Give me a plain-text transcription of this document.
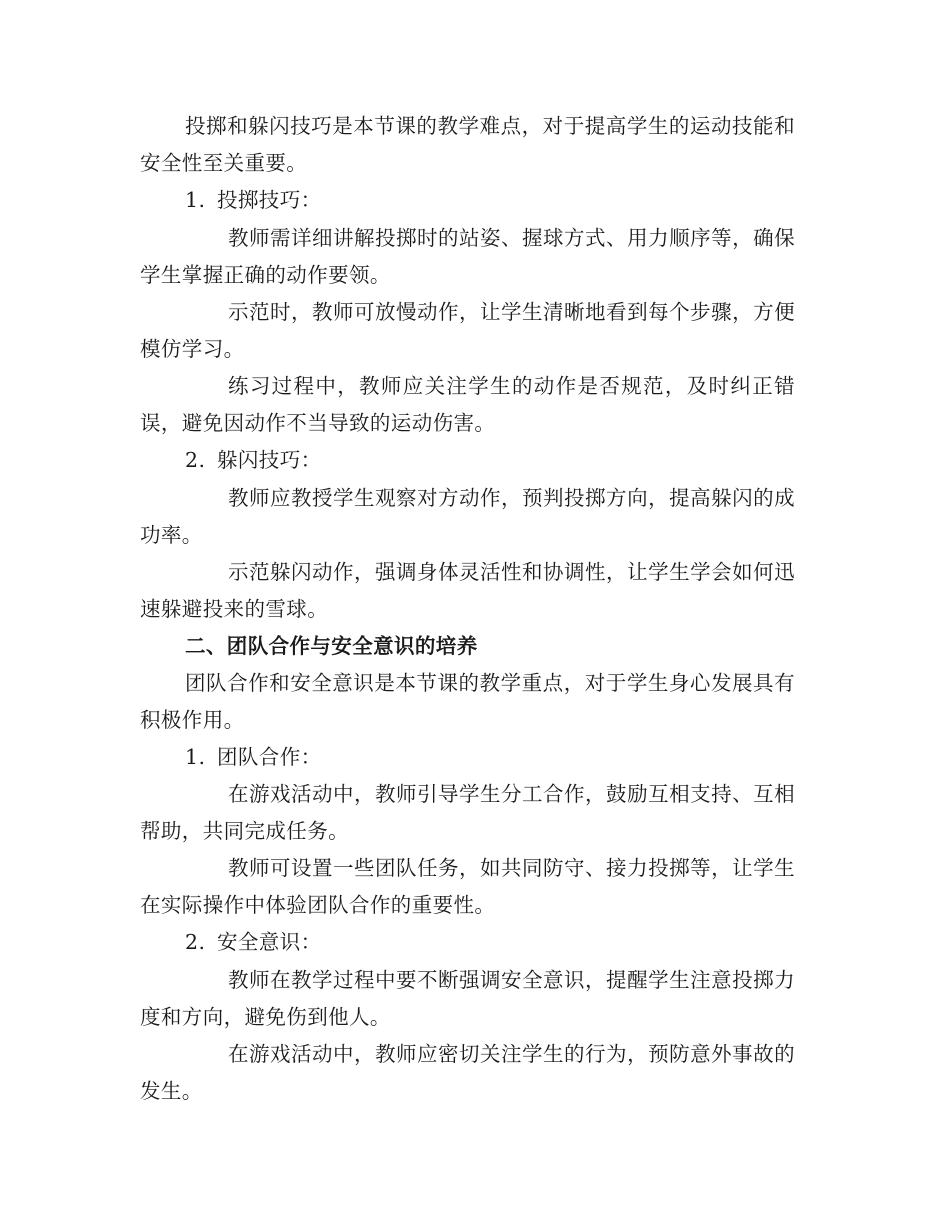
投掷和躲闪技巧是本节课的教学难点，对于提高学生的运动技能和安全性至关重要。

1. 投掷技巧：

教师需详细讲解投掷时的站姿、握球方式、用力顺序等，确保学生掌握正确的动作要领。

示范时，教师可放慢动作，让学生清晰地看到每个步骤，方便模仿学习。

练习过程中，教师应关注学生的动作是否规范，及时纠正错误，避免因动作不当导致的运动伤害。

2. 躲闪技巧：

教师应教授学生观察对方动作，预判投掷方向，提高躲闪的成功率。

示范躲闪动作，强调身体灵活性和协调性，让学生学会如何迅速躲避投来的雪球。

二、团队合作与安全意识的培养

团队合作和安全意识是本节课的教学重点，对于学生身心发展具有积极作用。

1. 团队合作：

在游戏活动中，教师引导学生分工合作，鼓励互相支持、互相帮助，共同完成任务。

教师可设置一些团队任务，如共同防守、接力投掷等，让学生在实际操作中体验团队合作的重要性。

2. 安全意识：

教师在教学过程中要不断强调安全意识，提醒学生注意投掷力度和方向，避免伤到他人。

在游戏活动中，教师应密切关注学生的行为，预防意外事故的发生。
